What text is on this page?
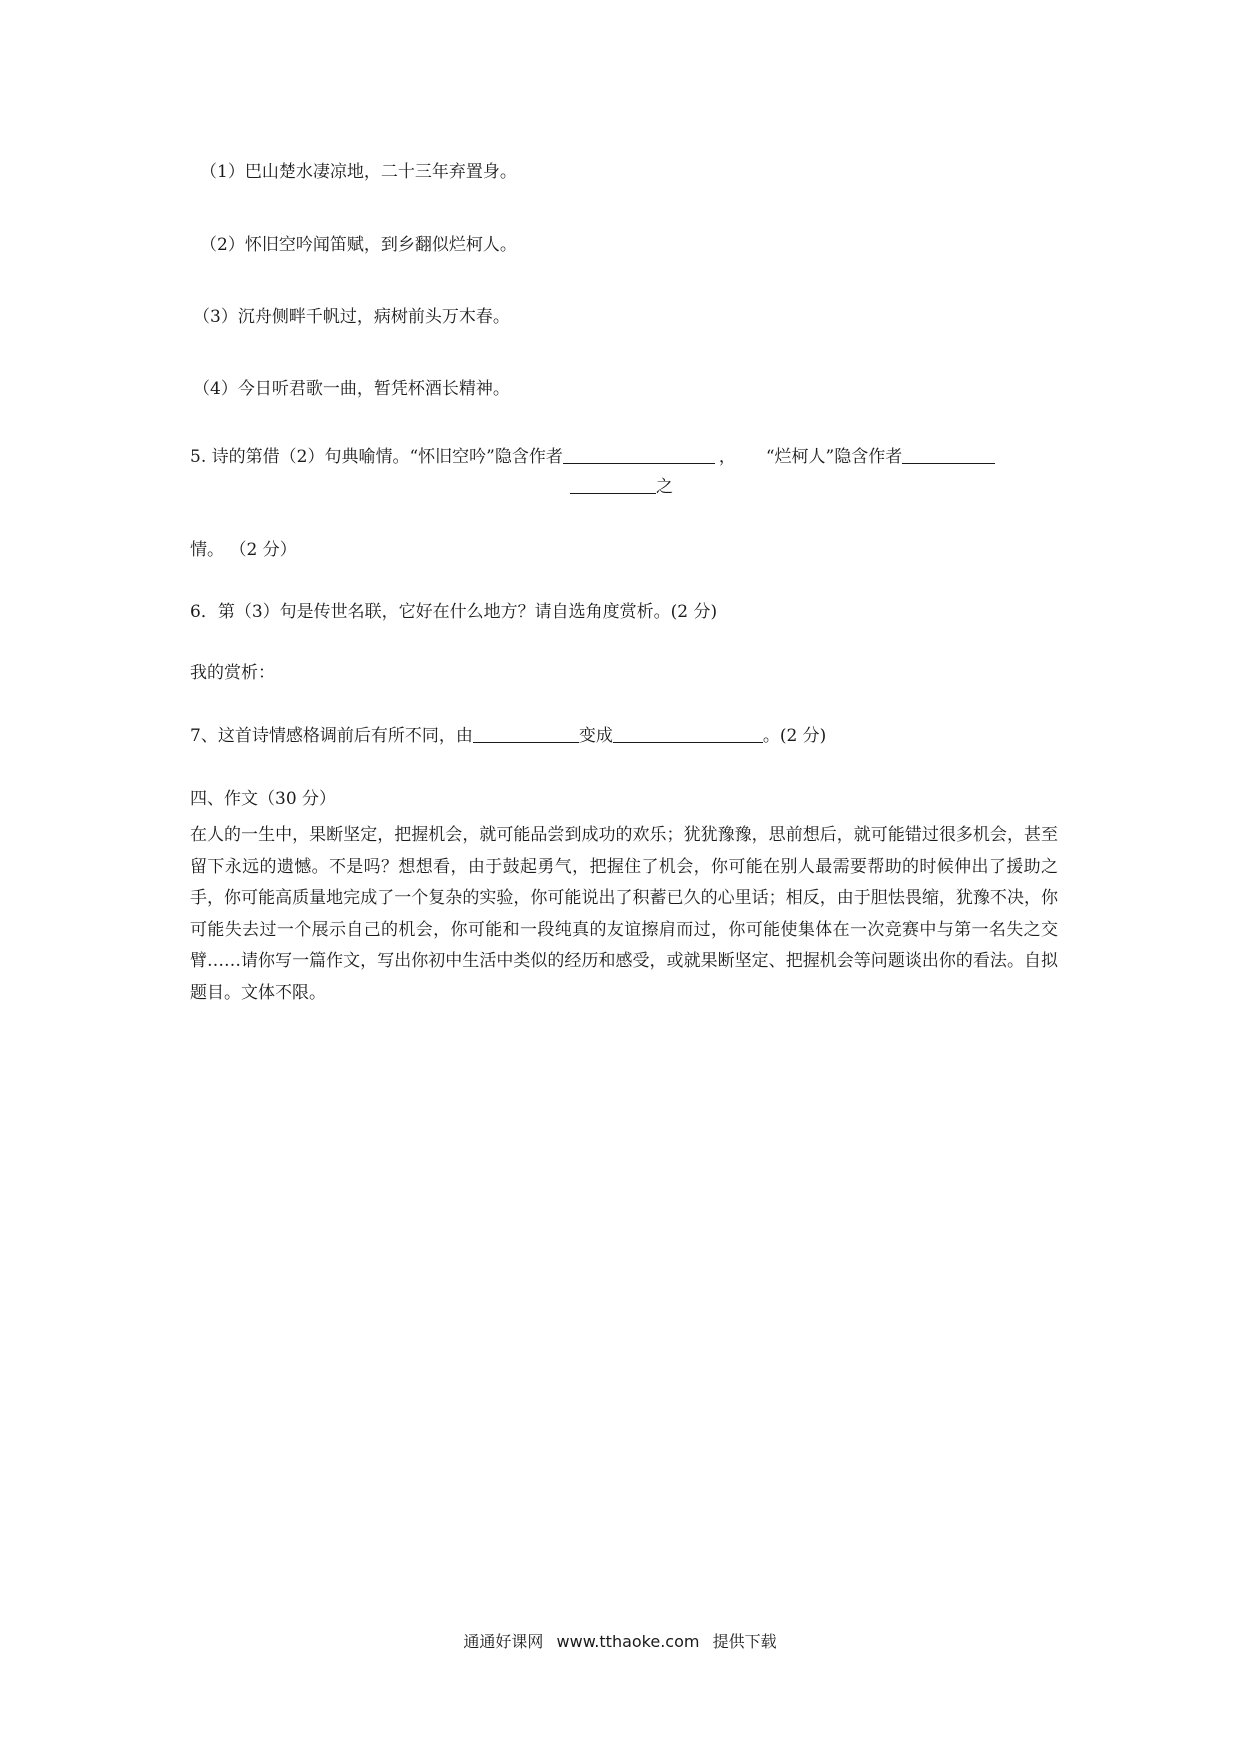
（1）巴山楚水凄凉地，二十三年弃置身。
（2）怀旧空吟闻笛赋，到乡翻似烂柯人。
（3）沉舟侧畔千帆过，病树前头万木春。
（4）今日听君歌一曲，暂凭杯酒长精神。
5. 诗的第借（2）句典喻情。“怀旧空吟”隐含作者	， “烂柯人”隐含作者
之
情。 （2 分）
6．第（3）句是传世名联，它好在什么地方？请自选角度赏析。(2 分)
我的赏析：
7、这首诗情感格调前后有所不同，由	变成	。(2 分)
四、作文（30 分）
在人的一生中，果断坚定，把握机会，就可能品尝到成功的欢乐；犹犹豫豫，思前想后，就可能错过很多机会，甚至留下永远的遗憾。不是吗？想想看，由于鼓起勇气，把握住了机会，你可能在别人最需要帮助的时候伸出了援助之手，你可能高质量地完成了一个复杂的实验，你可能说出了积蓄已久的心里话；相反，由于胆怯畏缩，犹豫不决，你可能失去过一个展示自己的机会，你可能和一段纯真的友谊擦肩而过，你可能使集体在一次竞赛中与第一名失之交臂……请你写一篇作文，写出你初中生活中类似的经历和感受，或就果断坚定、把握机会等问题谈出你的看法。自拟题目。文体不限。
通通好课网 www.tthaoke.com 提供下载
